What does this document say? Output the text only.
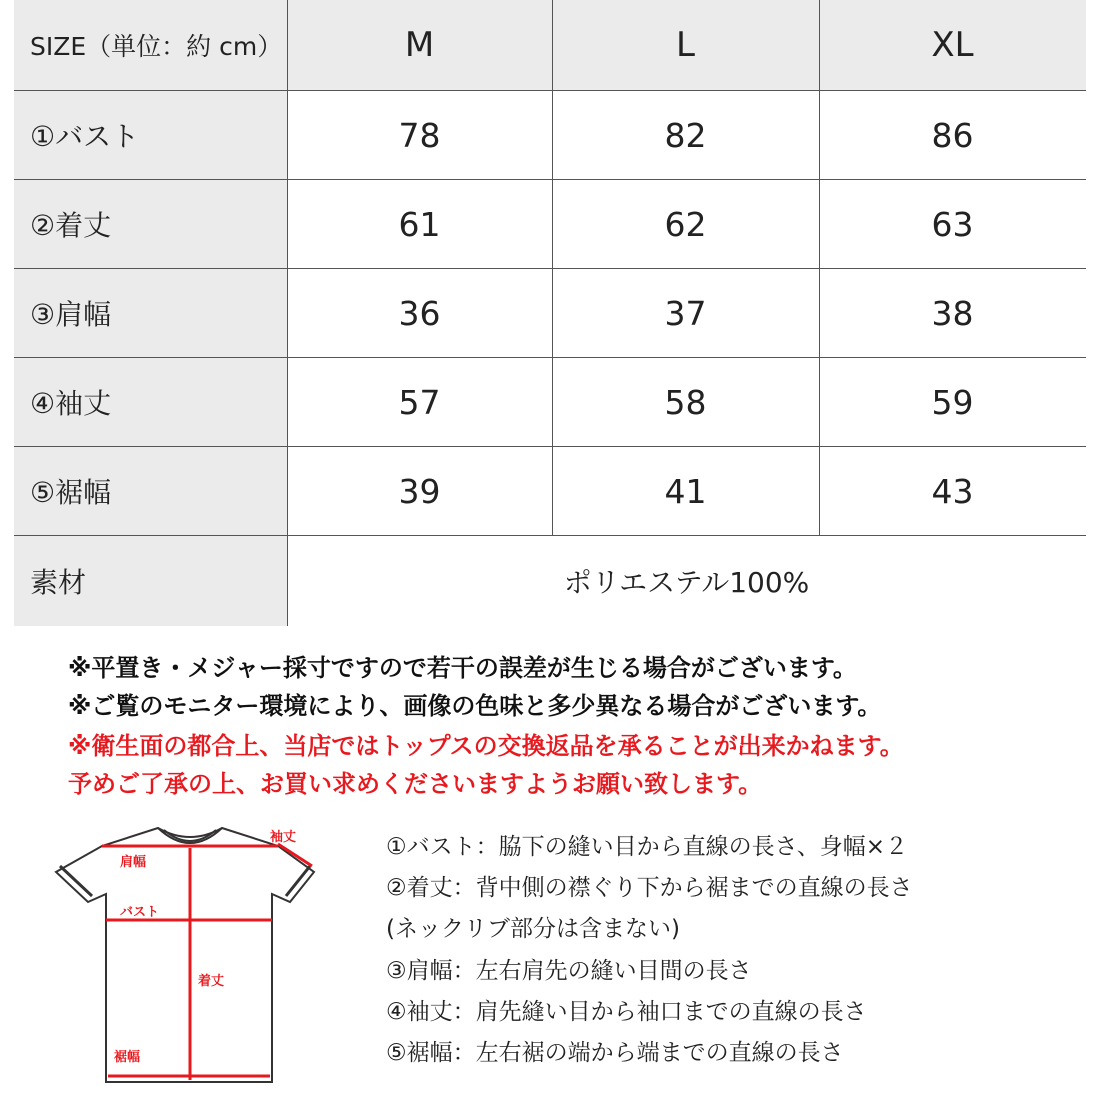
SIZE（単位：約 cm）	M	L	XL
①バスト	78	82	86
②着丈	61	62	63
③肩幅	36	37	38
④袖丈	57	58	59
⑤裾幅	39	41	43
素材	ポリエステル100%
※平置き・メジャー採寸ですので若干の誤差が生じる場合がございます。
※ご覧のモニター環境により、画像の色味と多少異なる場合がございます。
※衛生面の都合上、当店ではトップスの交換返品を承ることが出来かねます。
予めご了承の上、お買い求めくださいますようお願い致します。
袖丈
肩幅
バスト
着丈
裾幅
①バスト：脇下の縫い目から直線の長さ、身幅×２
②着丈：背中側の襟ぐり下から裾までの直線の長さ
(ネックリブ部分は含まない)
③肩幅：左右肩先の縫い目間の長さ
④袖丈：肩先縫い目から袖口までの直線の長さ
⑤裾幅：左右裾の端から端までの直線の長さ
